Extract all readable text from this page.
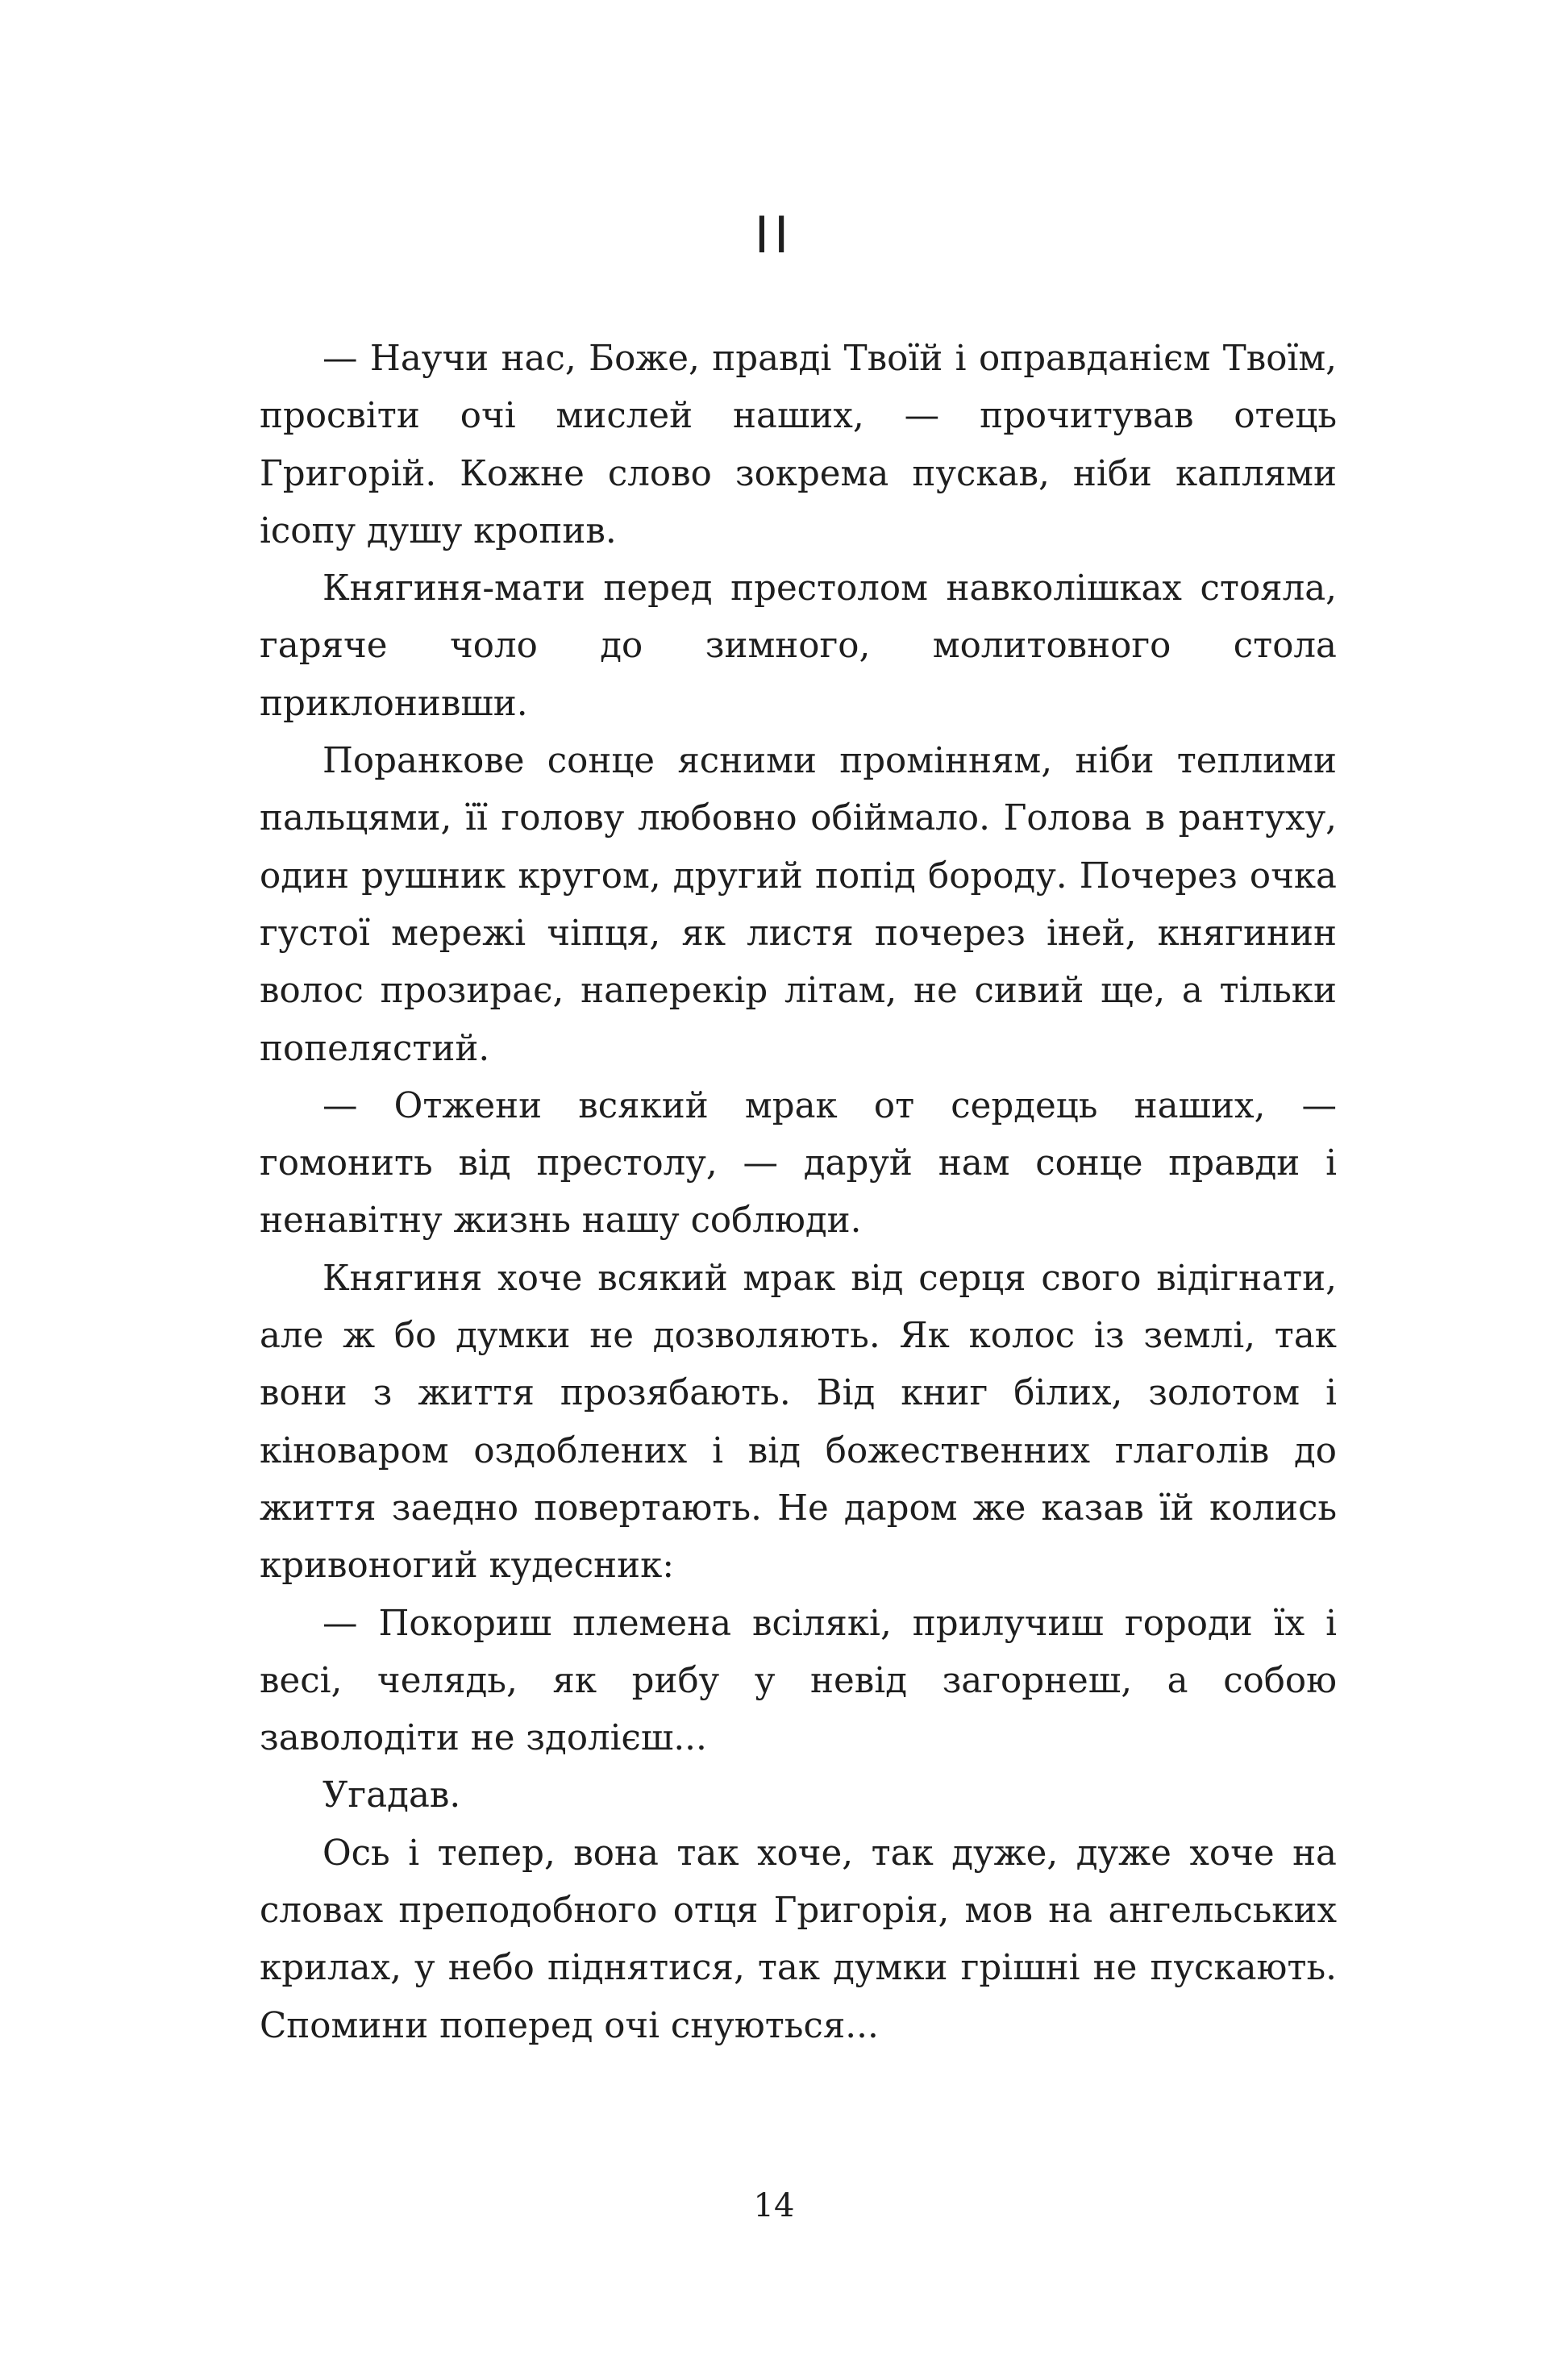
II

— Научи нас, Боже, правді Твоїй і оправданієм Твоїм, просвіти очі мислей наших, — прочитував отець Григорій. Кожне слово зокрема пускав, ніби каплями ісопу душу кропив.

Княгиня-мати перед престолом навколішках стояла, гаряче чоло до зимного, молитовного стола приклонивши.

Поранкове сонце ясними промінням, ніби теплими пальцями, її голову любовно обіймало. Голова в рантуху, один рушник кругом, другий попід бороду. Почерез очка густої мережі чіпця, як листя почерез іней, княгинин волос прозирає, наперекір літам, не сивий ще, а тільки попелястий.

— Отжени всякий мрак от сердець наших, — гомонить від престолу, — даруй нам сонце правди і ненавітну жизнь нашу соблюди.

Княгиня хоче всякий мрак від серця свого відігнати, але ж бо думки не дозволяють. Як колос із землі, так вони з життя прозябають. Від книг білих, золотом і кіноваром оздоблених і від божественних глаголів до життя заедно повертають. Не даром же казав їй колись кривоногий кудесник:

— Покориш племена всілякі, прилучиш городи їх і весі, челядь, як рибу у невід загорнеш, а собою заволодіти не здолієш...

Угадав.

Ось і тепер, вона так хоче, так дуже, дуже хоче на словах преподобного отця Григорія, мов на ангельських крилах, у небо піднятися, так думки грішні не пускають. Спомини поперед очі снуються...

14
